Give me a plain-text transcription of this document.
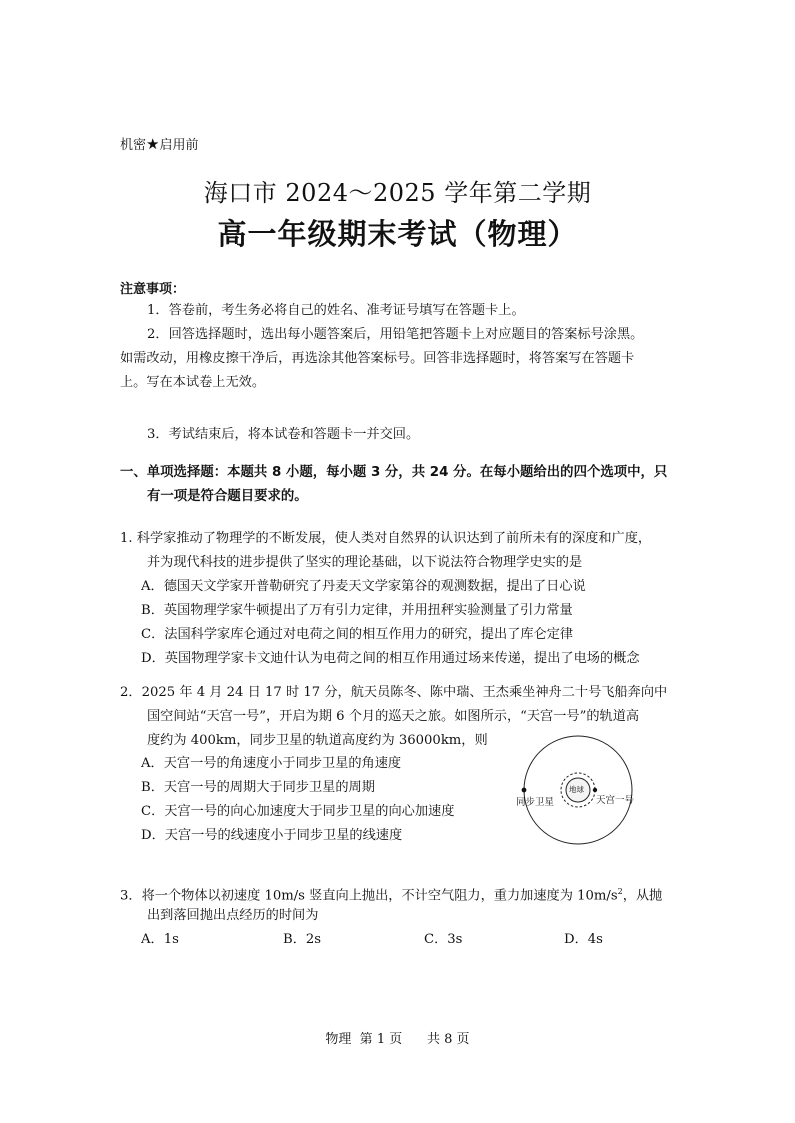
机密★启用前
海口市 2024～2025 学年第二学期
高一年级期末考试（物理）
注意事项：
1．答卷前，考生务必将自己的姓名、准考证号填写在答题卡上。
2．回答选择题时，选出每小题答案后，用铅笔把答题卡上对应题目的答案标号涂黑。
如需改动，用橡皮擦干净后，再选涂其他答案标号。回答非选择题时，将答案写在答题卡
上。写在本试卷上无效。
3．考试结束后，将本试卷和答题卡一并交回。
一、单项选择题：本题共 8 小题，每小题 3 分，共 24 分。在每小题给出的四个选项中，只
有一项是符合题目要求的。
1. 科学家推动了物理学的不断发展，使人类对自然界的认识达到了前所未有的深度和广度，
并为现代科技的进步提供了坚实的理论基础，以下说法符合物理学史实的是
A．德国天文学家开普勒研究了丹麦天文学家第谷的观测数据，提出了日心说
B．英国物理学家牛顿提出了万有引力定律，并用扭秤实验测量了引力常量
C．法国科学家库仑通过对电荷之间的相互作用力的研究，提出了库仑定律
D．英国物理学家卡文迪什认为电荷之间的相互作用通过场来传递，提出了电场的概念
2．2025 年 4 月 24 日 17 时 17 分，航天员陈冬、陈中瑞、王杰乘坐神舟二十号飞船奔向中
国空间站“天宫一号”，开启为期 6 个月的巡天之旅。如图所示，“天宫一号”的轨道高
度约为 400km，同步卫星的轨道高度约为 36000km，则
A．天宫一号的角速度小于同步卫星的角速度
B．天宫一号的周期大于同步卫星的周期
C．天宫一号的向心加速度大于同步卫星的向心加速度
D．天宫一号的线速度小于同步卫星的线速度
地球
同步卫星	天宫一号
3．将一个物体以初速度 10m/s 竖直向上抛出，不计空气阻力，重力加速度为 $10m/s^2$，从抛
出到落回抛出点经历的时间为
A．1s	B．2s	C．3s	D．4s
物理  第 1 页      共 8 页
